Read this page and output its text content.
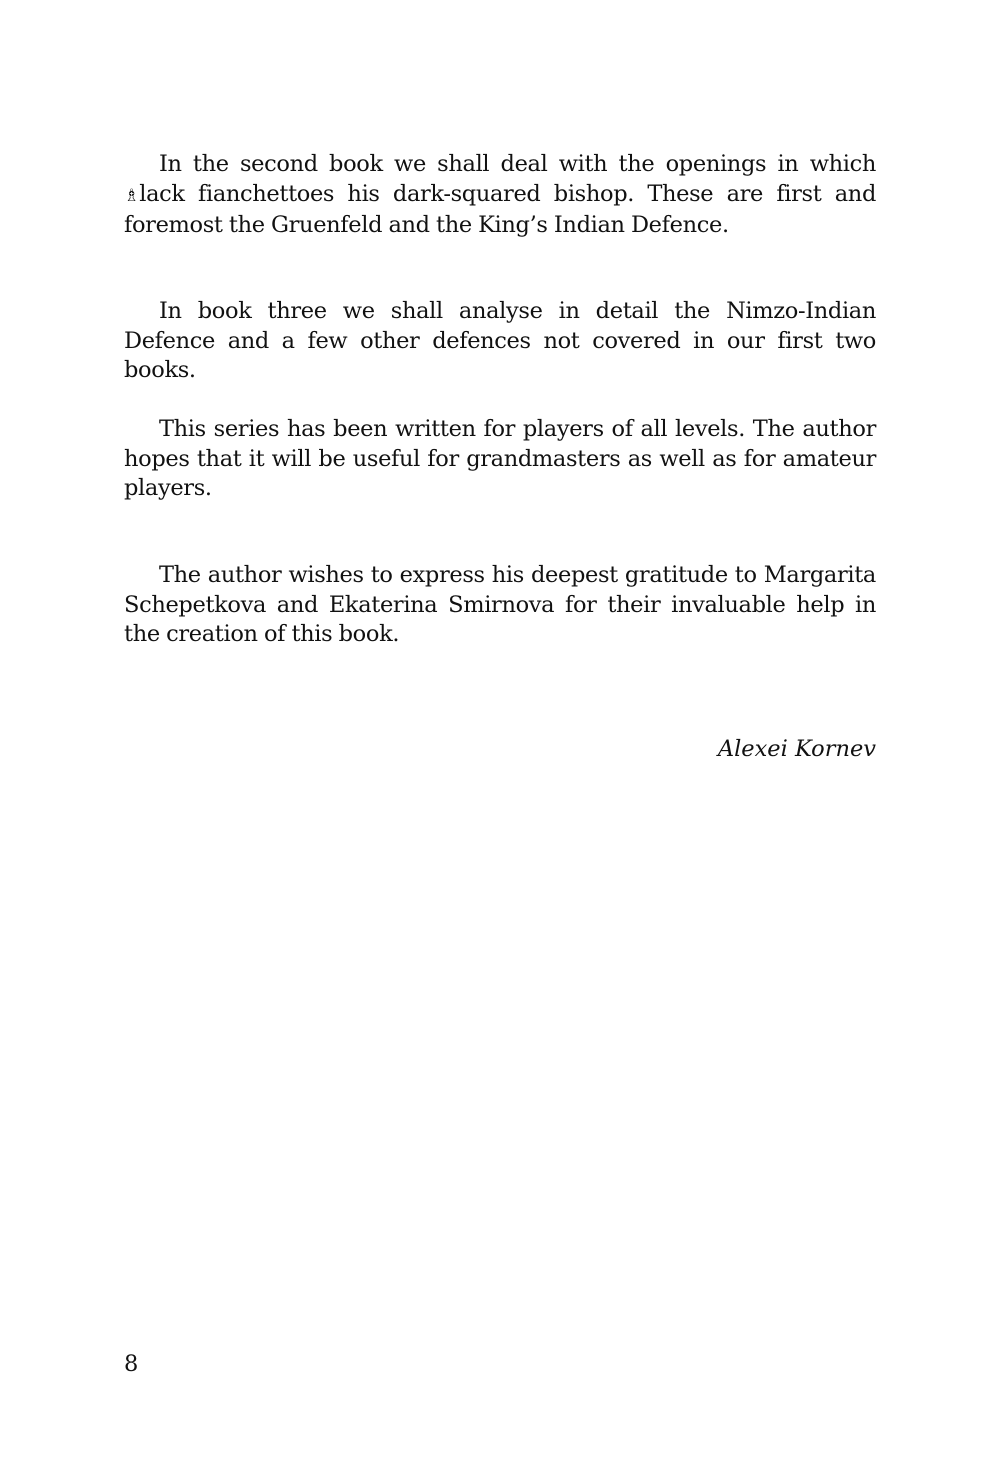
In the second book we shall deal with the openings in which ♗lack fianchettoes his dark-squared bishop. These are first and foremost the Gruenfeld and the King’s Indian Defence.

In book three we shall analyse in detail the Nimzo-Indian Defence and a few other defences not covered in our first two books.

This series has been written for players of all levels. The author hopes that it will be useful for grandmasters as well as for amateur players.

The author wishes to express his deepest gratitude to Margarita Schepetkova and Ekaterina Smirnova for their invaluable help in the creation of this book.

Alexei Kornev

8
